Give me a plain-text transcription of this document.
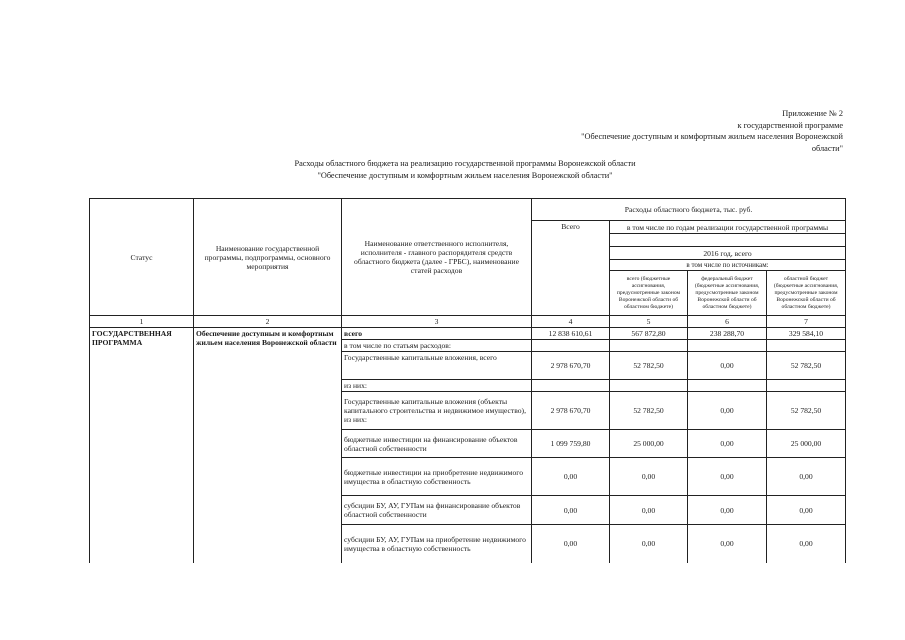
Приложение № 2
к государственной программе
"Обеспечение доступным и комфортным жильем населения Воронежской
области"
Расходы областного бюджета на реализацию государственной программы Воронежской области
"Обеспечение доступным и комфортным жильем населения Воронежской области"
Статус	Наименование государственной программы, подпрограммы, основного мероприятия	Наименование ответственного исполнителя, исполнителя - главного распорядителя средств областного бюджета (далее - ГРБС), наименование статей расходов	Расходы областного бюджета, тыс. руб.			
			Всего	в том числе по годам реализации государственной программы		

				2016 год, всего		
				в том числе по источникам:		
				всего (бюджетные ассигнования, предусмотренные законом Воронежской области об областном бюджете)	федеральный бюджет (бюджетные ассигнования, предусмотренные законом Воронежской области об областном бюджете)	областной бюджет (бюджетные ассигнования, предусмотренные законом Воронежской области об областном бюджете)
1	2	3	4	5	6	7
ГОСУДАРСТВЕННАЯ ПРОГРАММА	Обеспечение доступным и комфортным жильем населения Воронежской области	всего	12 838 610,61	567 872,80	238 288,70	329 584,10
		в том числе по статьям расходов:				
		Государственные капитальные вложения, всего	2 978 670,70	52 782,50	0,00	52 782,50
		из них:				
		Государственные капитальные вложения (объекты капитального строительства и недвижимое имущество), из них:	2 978 670,70	52 782,50	0,00	52 782,50
		бюджетные инвестиции на финансирование объектов областной собственности	1 099 759,80	25 000,00	0,00	25 000,00
		бюджетные инвестиции на приобретение недвижимого имущества в областную собственность	0,00	0,00	0,00	0,00
		субсидии БУ, АУ, ГУПам на финансирование объектов областной собственности	0,00	0,00	0,00	0,00
		субсидии БУ, АУ, ГУПам на приобретение недвижимого имущества в областную собственность	0,00	0,00	0,00	0,00
